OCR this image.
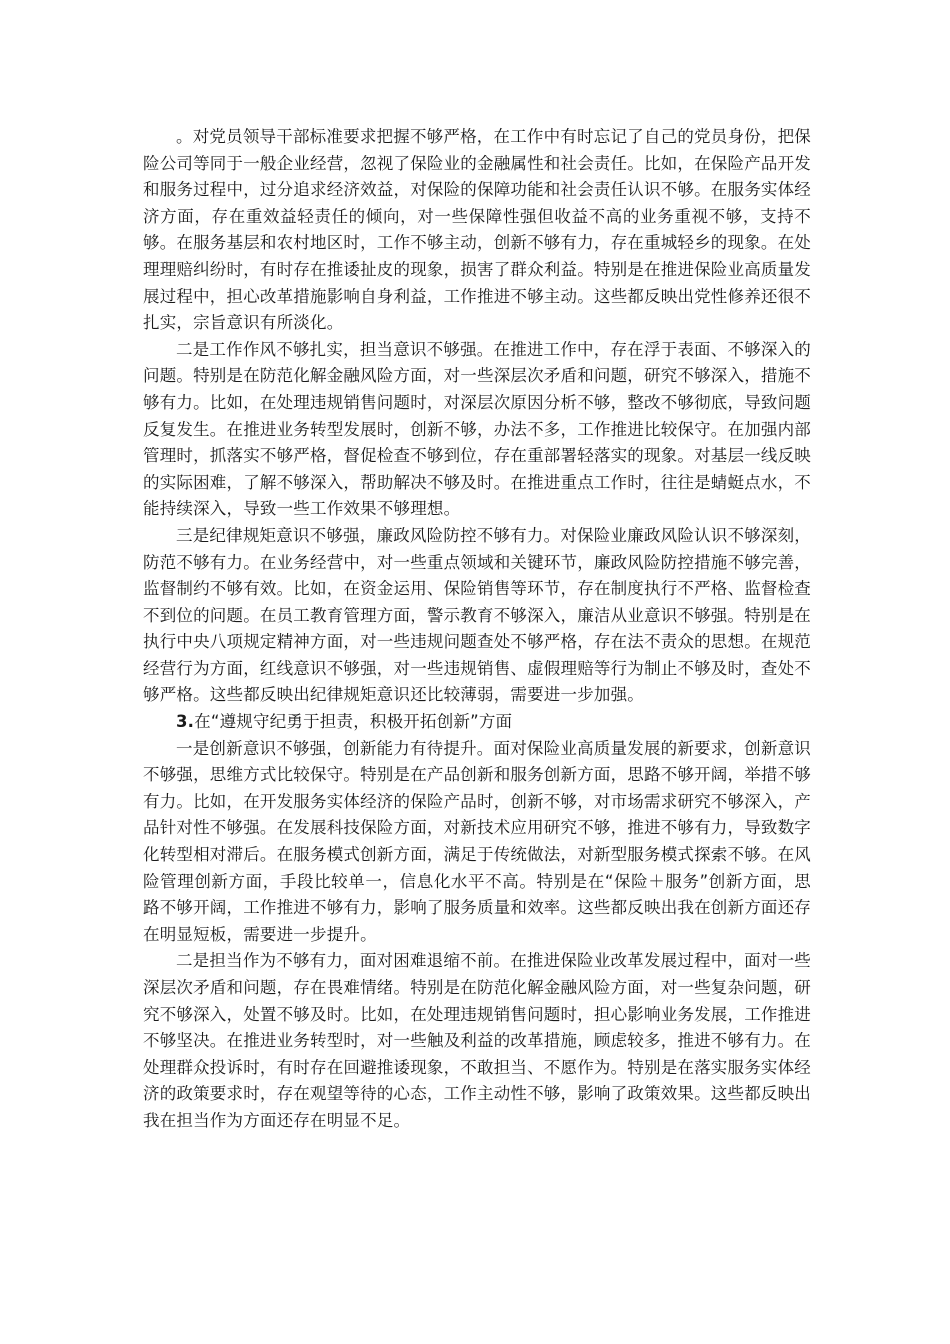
。对党员领导干部标准要求把握不够严格，在工作中有时忘记了自己的党员身份，把保险公司等同于一般企业经营，忽视了保险业的金融属性和社会责任。比如，在保险产品开发和服务过程中，过分追求经济效益，对保险的保障功能和社会责任认识不够。在服务实体经济方面，存在重效益轻责任的倾向，对一些保障性强但收益不高的业务重视不够，支持不够。在服务基层和农村地区时，工作不够主动，创新不够有力，存在重城轻乡的现象。在处理理赔纠纷时，有时存在推诿扯皮的现象，损害了群众利益。特别是在推进保险业高质量发展过程中，担心改革措施影响自身利益，工作推进不够主动。这些都反映出党性修养还很不扎实，宗旨意识有所淡化。

二是工作作风不够扎实，担当意识不够强。在推进工作中，存在浮于表面、不够深入的问题。特别是在防范化解金融风险方面，对一些深层次矛盾和问题，研究不够深入，措施不够有力。比如，在处理违规销售问题时，对深层次原因分析不够，整改不够彻底，导致问题反复发生。在推进业务转型发展时，创新不够，办法不多，工作推进比较保守。在加强内部管理时，抓落实不够严格，督促检查不够到位，存在重部署轻落实的现象。对基层一线反映的实际困难，了解不够深入，帮助解决不够及时。在推进重点工作时，往往是蜻蜓点水，不能持续深入，导致一些工作效果不够理想。

三是纪律规矩意识不够强，廉政风险防控不够有力。对保险业廉政风险认识不够深刻，防范不够有力。在业务经营中，对一些重点领域和关键环节，廉政风险防控措施不够完善，监督制约不够有效。比如，在资金运用、保险销售等环节，存在制度执行不严格、监督检查不到位的问题。在员工教育管理方面，警示教育不够深入，廉洁从业意识不够强。特别是在执行中央八项规定精神方面，对一些违规问题查处不够严格，存在法不责众的思想。在规范经营行为方面，红线意识不够强，对一些违规销售、虚假理赔等行为制止不够及时，查处不够严格。这些都反映出纪律规矩意识还比较薄弱，需要进一步加强。

3.在“遵规守纪勇于担责，积极开拓创新”方面

一是创新意识不够强，创新能力有待提升。面对保险业高质量发展的新要求，创新意识不够强，思维方式比较保守。特别是在产品创新和服务创新方面，思路不够开阔，举措不够有力。比如，在开发服务实体经济的保险产品时，创新不够，对市场需求研究不够深入，产品针对性不够强。在发展科技保险方面，对新技术应用研究不够，推进不够有力，导致数字化转型相对滞后。在服务模式创新方面，满足于传统做法，对新型服务模式探索不够。在风险管理创新方面，手段比较单一，信息化水平不高。特别是在“保险＋服务”创新方面，思路不够开阔，工作推进不够有力，影响了服务质量和效率。这些都反映出我在创新方面还存在明显短板，需要进一步提升。

二是担当作为不够有力，面对困难退缩不前。在推进保险业改革发展过程中，面对一些深层次矛盾和问题，存在畏难情绪。特别是在防范化解金融风险方面，对一些复杂问题，研究不够深入，处置不够及时。比如，在处理违规销售问题时，担心影响业务发展，工作推进不够坚决。在推进业务转型时，对一些触及利益的改革措施，顾虑较多，推进不够有力。在处理群众投诉时，有时存在回避推诿现象，不敢担当、不愿作为。特别是在落实服务实体经济的政策要求时，存在观望等待的心态，工作主动性不够，影响了政策效果。这些都反映出我在担当作为方面还存在明显不足。
